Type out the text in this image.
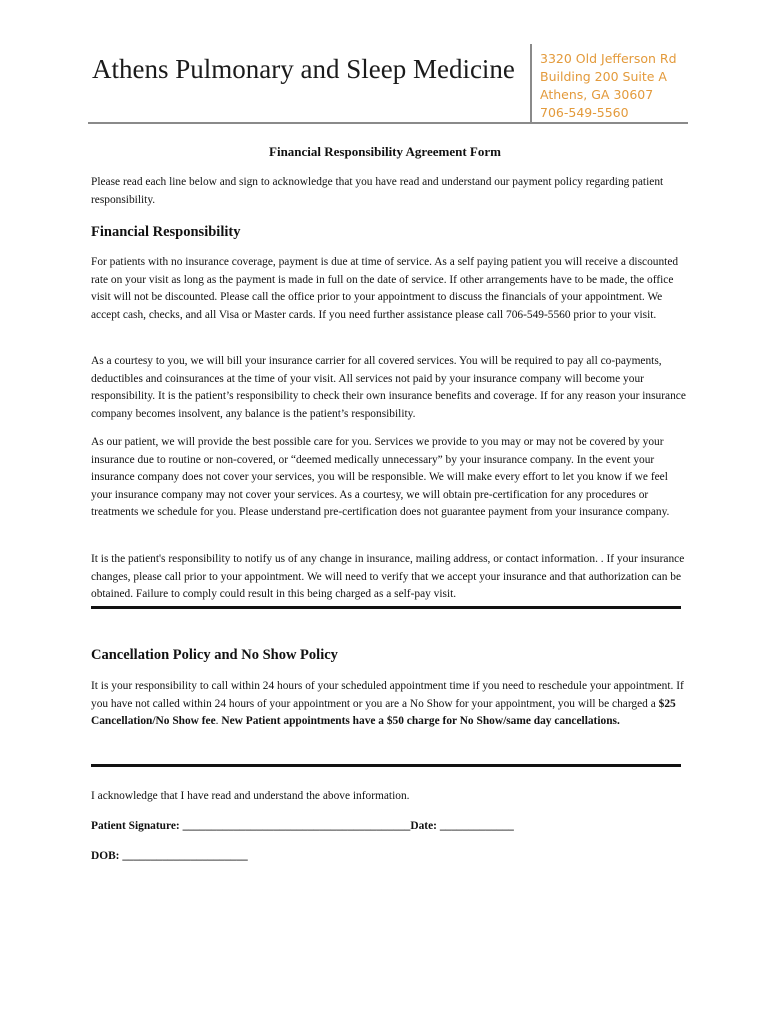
Athens Pulmonary and Sleep Medicine 3320 Old Jefferson Rd
Building 200 Suite A
Athens, GA 30607
706-549-5560
Financial Responsibility Agreement Form

Please read each line below and sign to acknowledge that you have read and understand our payment policy regarding patient responsibility.

Financial Responsibility

For patients with no insurance coverage, payment is due at time of service. As a self paying patient you will receive a discounted rate on your visit as long as the payment is made in full on the date of service. If other arrangements have to be made, the office visit will not be discounted. Please call the office prior to your appointment to discuss the financials of your appointment. We accept cash, checks, and all Visa or Master cards. If you need further assistance please call 706-549-5560 prior to your visit.

As a courtesy to you, we will bill your insurance carrier for all covered services. You will be required to pay all co-payments, deductibles and coinsurances at the time of your visit. All services not paid by your insurance company will become your responsibility. It is the patient’s responsibility to check their own insurance benefits and coverage. If for any reason your insurance company becomes insolvent, any balance is the patient’s responsibility.

As our patient, we will provide the best possible care for you. Services we provide to you may or may not be covered by your insurance due to routine or non-covered, or “deemed medically unnecessary” by your insurance company. In the event your insurance company does not cover your services, you will be responsible. We will make every effort to let you know if we feel your insurance company may not cover your services. As a courtesy, we will obtain pre-certification for any procedures or treatments we schedule for you. Please understand pre-certification does not guarantee payment from your insurance company.

It is the patient's responsibility to notify us of any change in insurance, mailing address, or contact information. . If your insurance changes, please call prior to your appointment. We will need to verify that we accept your insurance and that authorization can be obtained. Failure to comply could result in this being charged as a self-pay visit.

Cancellation Policy and No Show Policy

It is your responsibility to call within 24 hours of your scheduled appointment time if you need to reschedule your appointment. If you have not called within 24 hours of your appointment or you are a No Show for your appointment, you will be charged a $25 Cancellation/No Show fee. New Patient appointments have a $50 charge for No Show/same day cancellations.

I acknowledge that I have read and understand the above information.
Patient Signature: ________________________________________Date: _____________
DOB: ______________________
